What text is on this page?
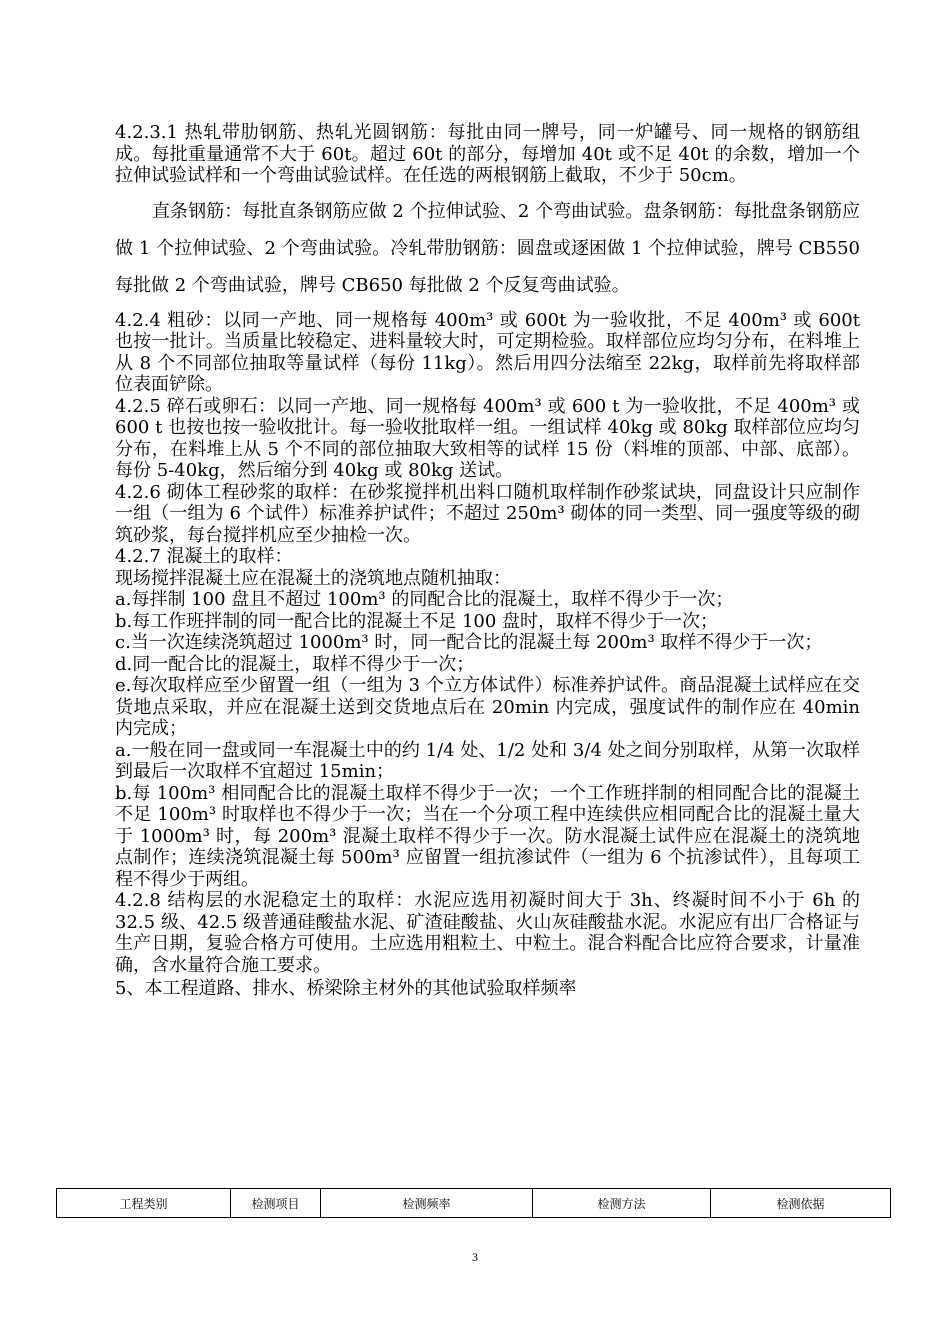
4.2.3.1 热轧带肋钢筋、热轧光圆钢筋：每批由同一牌号，同一炉罐号、同一规格的钢筋组成。每批重量通常不大于 60t。超过 60t 的部分，每增加 40t 或不足 40t 的余数，增加一个拉伸试验试样和一个弯曲试验试样。在任选的两根钢筋上截取，不少于 50cm。

直条钢筋：每批直条钢筋应做 2 个拉伸试验、2 个弯曲试验。盘条钢筋：每批盘条钢筋应做 1 个拉伸试验、2 个弯曲试验。冷轧带肋钢筋：圆盘或逐困做 1 个拉伸试验，牌号 CB550 每批做 2 个弯曲试验，牌号 CB650 每批做 2 个反复弯曲试验。

4.2.4 粗砂：以同一产地、同一规格每 400m³ 或 600t 为一验收批，不足 400m³ 或 600t 也按一批计。当质量比较稳定、进料量较大时，可定期检验。取样部位应均匀分布，在料堆上从 8 个不同部位抽取等量试样（每份 11kg）。然后用四分法缩至 22kg，取样前先将取样部位表面铲除。

4.2.5 碎石或卵石：以同一产地、同一规格每 400m³ 或 600 t 为一验收批，不足 400m³ 或 600 t 也按也按一验收批计。每一验收批取样一组。一组试样 40kg 或 80kg 取样部位应均匀分布，在料堆上从 5 个不同的部位抽取大致相等的试样 15 份（料堆的顶部、中部、底部）。每份 5-40kg，然后缩分到 40kg 或 80kg 送试。

4.2.6 砌体工程砂浆的取样：在砂浆搅拌机出料口随机取样制作砂浆试块，同盘设计只应制作一组（一组为 6 个试件）标准养护试件；不超过 250m³ 砌体的同一类型、同一强度等级的砌筑砂浆，每台搅拌机应至少抽检一次。

4.2.7 混凝土的取样：

现场搅拌混凝土应在混凝土的浇筑地点随机抽取：

a.每拌制 100 盘且不超过 100m³ 的同配合比的混凝土，取样不得少于一次；

b.每工作班拌制的同一配合比的混凝土不足 100 盘时，取样不得少于一次；

c.当一次连续浇筑超过 1000m³ 时，同一配合比的混凝土每 200m³ 取样不得少于一次；

d.同一配合比的混凝土，取样不得少于一次；

e.每次取样应至少留置一组（一组为 3 个立方体试件）标准养护试件。商品混凝土试样应在交货地点采取，并应在混凝土送到交货地点后在 20min 内完成，强度试件的制作应在 40min 内完成；

a.一般在同一盘或同一车混凝土中的约 1/4 处、1/2 处和 3/4 处之间分别取样，从第一次取样到最后一次取样不宜超过 15min；

b.每 100m³ 相同配合比的混凝土取样不得少于一次；一个工作班拌制的相同配合比的混凝土不足 100m³ 时取样也不得少于一次；当在一个分项工程中连续供应相同配合比的混凝土量大于 1000m³ 时，每 200m³ 混凝土取样不得少于一次。防水混凝土试件应在混凝土的浇筑地点制作；连续浇筑混凝土每 500m³ 应留置一组抗渗试件（一组为 6 个抗渗试件），且每项工程不得少于两组。

4.2.8 结构层的水泥稳定土的取样：水泥应选用初凝时间大于 3h、终凝时间不小于 6h 的 32.5 级、42.5 级普通硅酸盐水泥、矿渣硅酸盐、火山灰硅酸盐水泥。水泥应有出厂合格证与生产日期，复验合格方可使用。土应选用粗粒土、中粒土。混合料配合比应符合要求，计量准确，含水量符合施工要求。

5、本工程道路、排水、桥梁除主材外的其他试验取样频率

工程类别	检测项目	检测频率	检测方法	检测依据
3
